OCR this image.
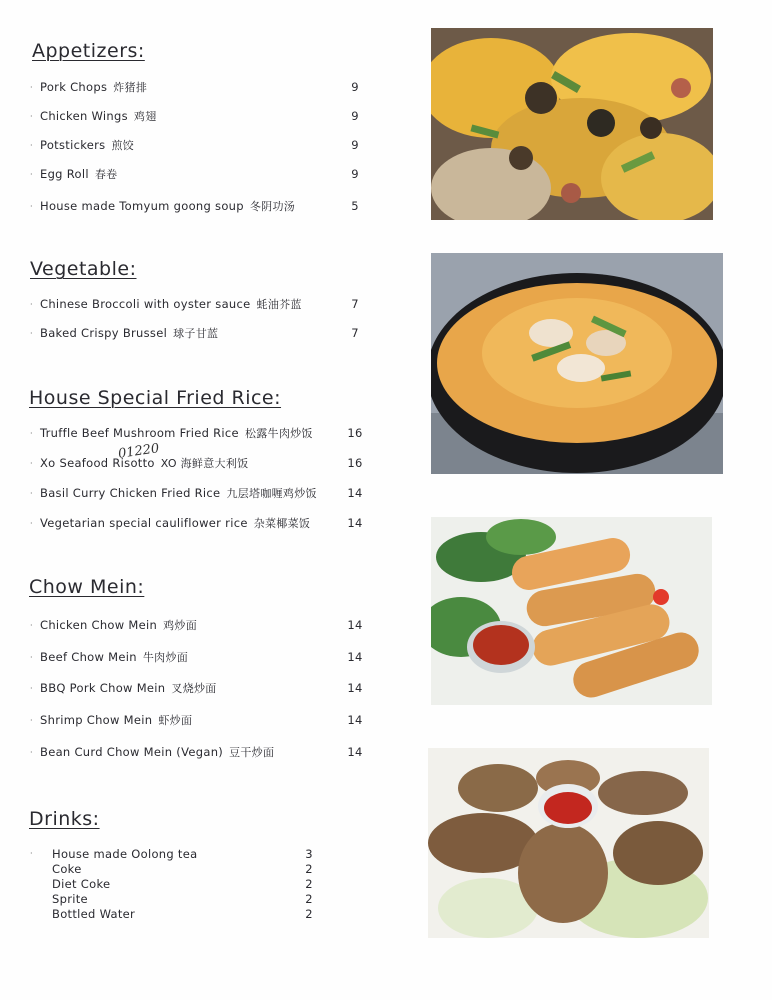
Appetizers:
· Pork Chops 炸猪排	9
· Chicken Wings 鸡翅	9
· Potstickers 煎饺	9
· Egg Roll 春卷	9
· House made Tomyum goong soup 冬阴功汤	5
Vegetable:
· Chinese Broccoli with oyster sauce 蚝油芥蓝	7
· Baked Crispy Brussel 球子甘蓝	7
House Special Fried Rice:
· Truffle Beef Mushroom Fried Rice 松露牛肉炒饭	16
01220
· Xo Seafood Risotto XO 海鲜意大利饭	16
· Basil Curry Chicken Fried Rice 九层塔咖喱鸡炒饭	14
· Vegetarian special cauliflower rice 杂菜椰菜饭	14
Chow Mein:
· Chicken Chow Mein 鸡炒面	14
· Beef Chow Mein 牛肉炒面	14
· BBQ Pork Chow Mein 叉烧炒面	14
· Shrimp Chow Mein 虾炒面	14
· Bean Curd Chow Mein (Vegan) 豆干炒面	14
Drinks:
·	House made Oolong tea	3
Coke	2
Diet Coke	2
Sprite	2
Bottled Water	2
